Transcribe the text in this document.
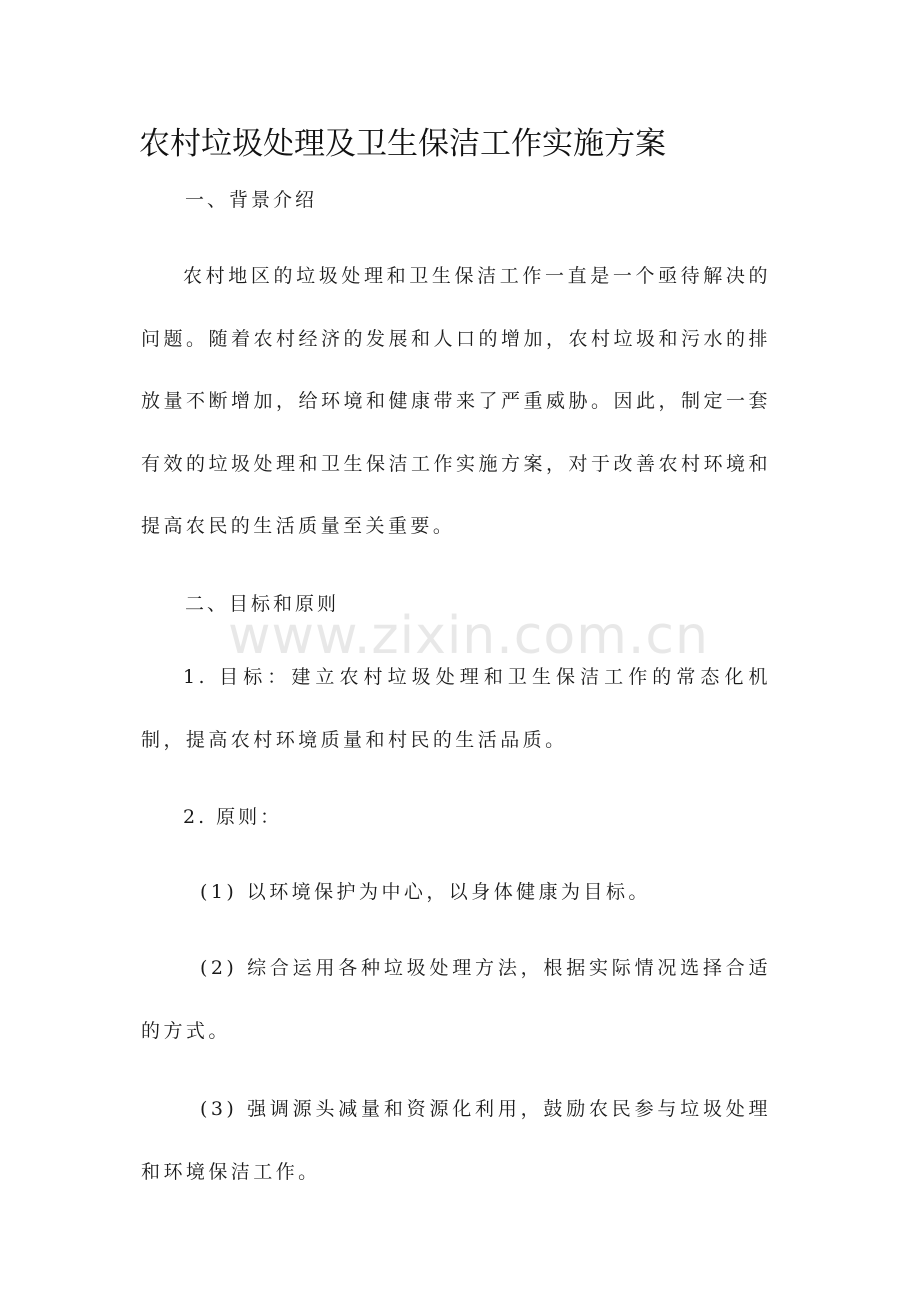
农村垃圾处理及卫生保洁工作实施方案
一、背景介绍

农村地区的垃圾处理和卫生保洁工作一直是一个亟待解决的问题。随着农村经济的发展和人口的增加，农村垃圾和污水的排放量不断增加，给环境和健康带来了严重威胁。因此，制定一套有效的垃圾处理和卫生保洁工作实施方案，对于改善农村环境和提高农民的生活质量至关重要。

二、目标和原则

1. 目标：建立农村垃圾处理和卫生保洁工作的常态化机制，提高农村环境质量和村民的生活品质。

2. 原则：

(1) 以环境保护为中心，以身体健康为目标。

(2) 综合运用各种垃圾处理方法，根据实际情况选择合适的方式。

(3) 强调源头减量和资源化利用，鼓励农民参与垃圾处理和环境保洁工作。

www.zixin.com.cn
